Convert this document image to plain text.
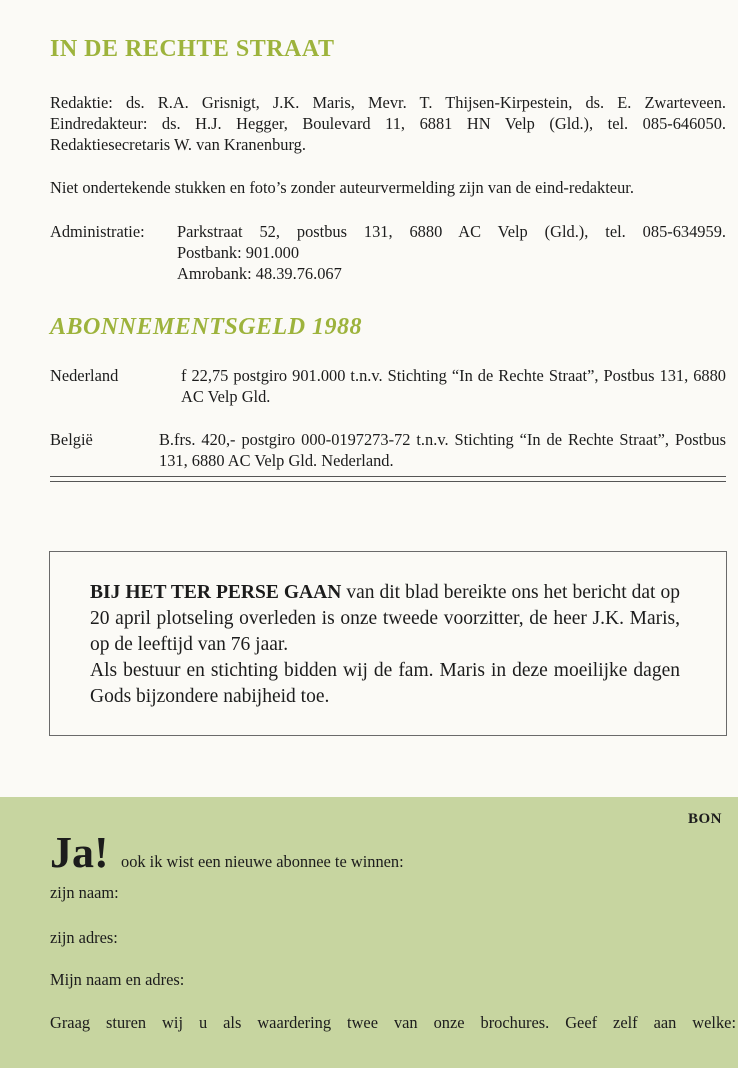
IN DE RECHTE STRAAT

Redaktie: ds. R.A. Grisnigt, J.K. Maris, Mevr. T. Thijsen-Kirpestein, ds. E. Zwarteveen. Eindredakteur: ds. H.J. Hegger, Boulevard 11, 6881 HN Velp (Gld.), tel. 085-646050. Redaktiesecretaris W. van Kranenburg.

Niet ondertekende stukken en foto’s zonder auteurvermelding zijn van de eind-redakteur.

Administratie: Parkstraat 52, postbus 131, 6880 AC Velp (Gld.), tel. 085-634959.
Postbank: 901.000
Amrobank: 48.39.76.067
ABONNEMENTSGELD 1988
Nederland	f 22,75 postgiro 901.000 t.n.v. Stichting “In de Rechte Straat”, Postbus 131, 6880 AC Velp Gld.
België	B.frs. 420,- postgiro 000-0197273-72 t.n.v. Stichting “In de Rechte Straat”, Postbus 131, 6880 AC Velp Gld. Nederland.
BIJ HET TER PERSE GAAN van dit blad bereikte ons het bericht dat op 20 april plotseling overleden is onze tweede voorzitter, de heer J.K. Maris, op de leeftijd van 76 jaar.
Als bestuur en stichting bidden wij de fam. Maris in deze moeilijke dagen Gods bijzondere nabijheid toe.
BON
Ja! ook ik wist een nieuwe abonnee te winnen:
zijn naam:
zijn adres:
Mijn naam en adres:
Graag sturen wij u als waardering twee van onze brochures. Geef zelf aan welke:
